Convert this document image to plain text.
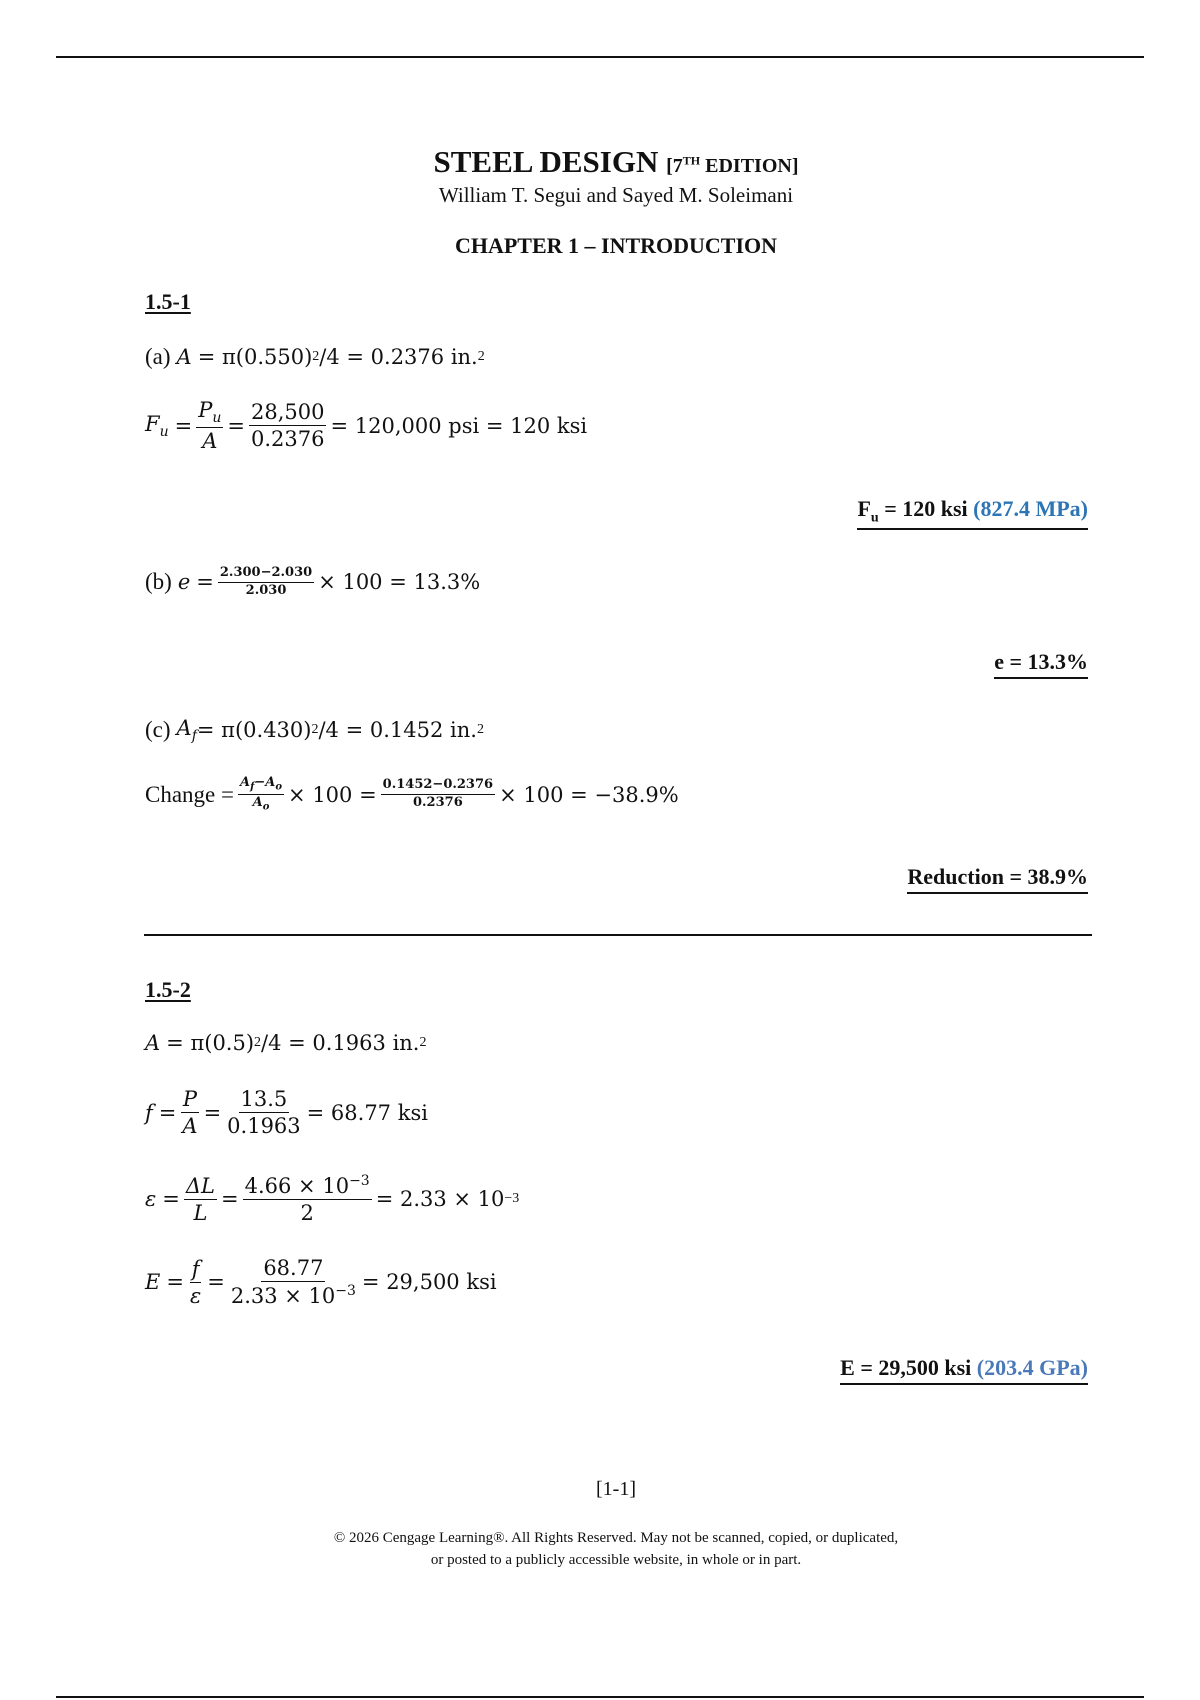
STEEL DESIGN [7TH EDITION]
William T. Segui and Sayed M. Soleimani
CHAPTER 1 – INTRODUCTION
1.5-1
(a) A = π(0.550) 2 /4 = 0.2376 in. 2
$F_u = \frac{P_u}{A} = \frac{28,500}{0.2376} = 120,000$ psi = 120 ksi
$F_u = 120$ ksi (827.4 MPa)
(b) $e = \frac{2.300-2.030}{2.030} \times 100 = 13.3\%$
e = 13.3%
(c) $A_f = \pi(0.430)$ 2 /4 = 0.1452 in. 2
Change = $\frac{A_f-A_o}{A_o} \times 100 = \frac{0.1452-0.2376}{0.2376} \times 100 = -38.9\%$
Reduction = 38.9%
1.5-2
A = π(0.5) 2 /4 = 0.1963 in. 2
$f = \frac{P}{A} = \frac{13.5}{0.1963} = 68.77$ ksi
$\varepsilon = \frac{\Delta L}{L} = \frac{4.66 \times 10^{-3}}{2} = 2.33 \times 10 -3$
$E = \frac{f}{\varepsilon} = \frac{68.77}{2.33 \times 10^{-3}} = 29,500$ ksi
E = 29,500 ksi (203.4 GPa)
[1-1]
© 2026 Cengage Learning®. All Rights Reserved. May not be scanned, copied, or duplicated,
or posted to a publicly accessible website, in whole or in part.
